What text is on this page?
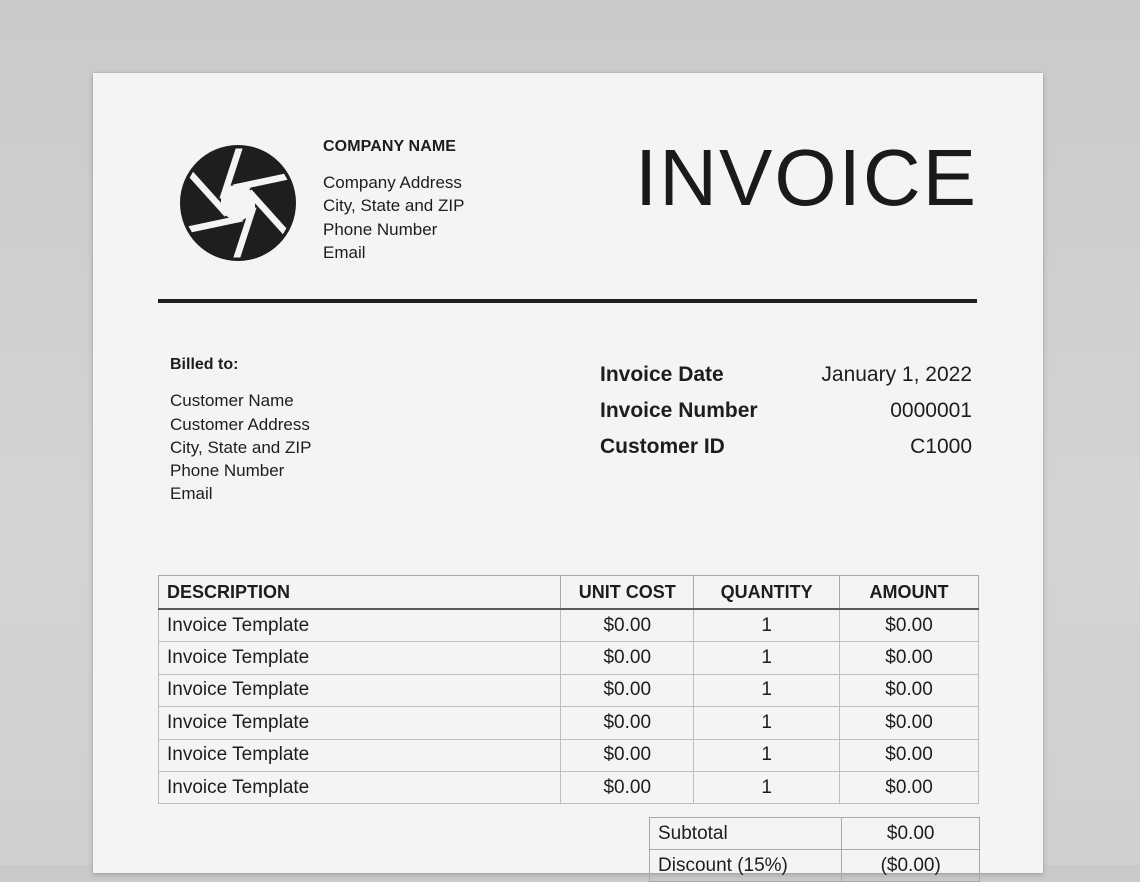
COMPANY NAME
Company Address
City, State and ZIP
Phone Number
Email
INVOICE
Billed to:
Customer Name
Customer Address
City, State and ZIP
Phone Number
Email
Invoice Date	January 1, 2022
Invoice Number	0000001
Customer ID	C1000
DESCRIPTION	UNIT COST	QUANTITY	AMOUNT
Invoice Template	$0.00	1	$0.00
Invoice Template	$0.00	1	$0.00
Invoice Template	$0.00	1	$0.00
Invoice Template	$0.00	1	$0.00
Invoice Template	$0.00	1	$0.00
Invoice Template	$0.00	1	$0.00
Subtotal	$0.00
Discount (15%)	($0.00)
